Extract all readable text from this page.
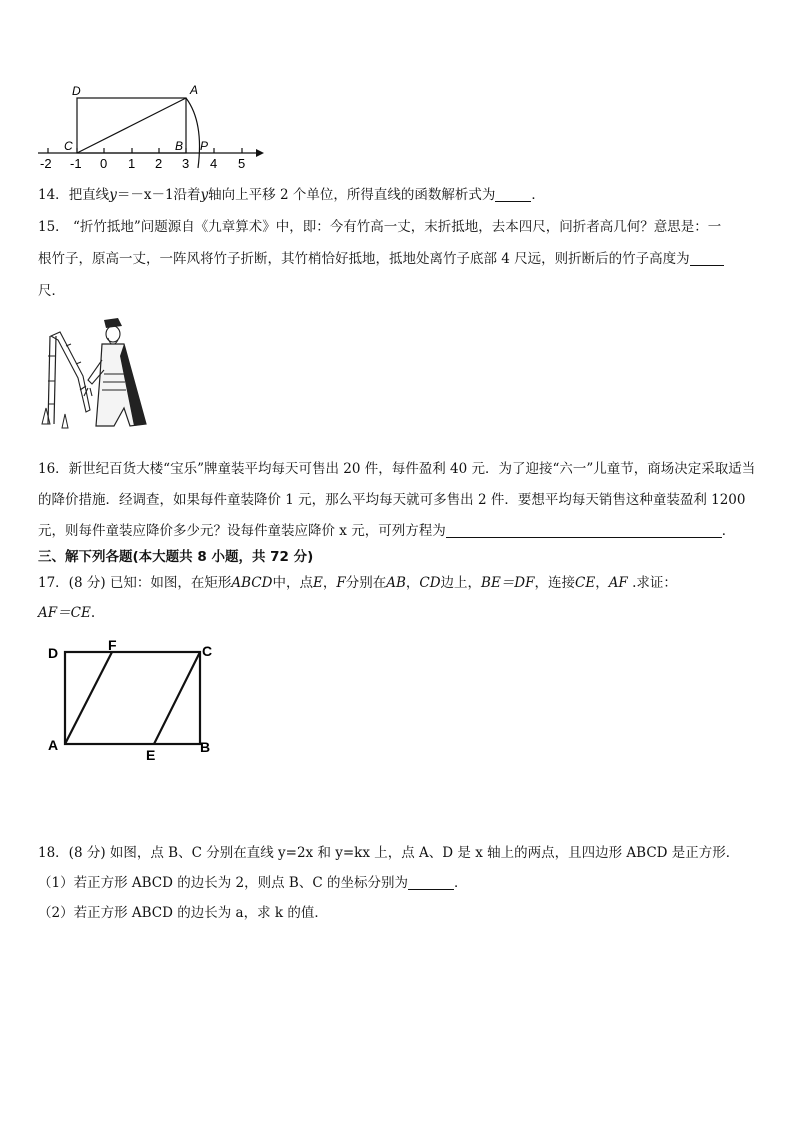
D	A
C	B P
-2 -1 0 1 2 3 4 5
14．把直线y＝－x－1沿着y轴向上平移 2 个单位，所得直线的函数解析式为	．
15． “折竹抵地”问题源自《九章算术》中，即：今有竹高一丈，末折抵地，去本四尺，问折者高几何？意思是：一
根竹子，原高一丈，一阵风将竹子折断，其竹梢恰好抵地，抵地处离竹子底部 4 尺远，则折断后的竹子高度为
尺．
16．新世纪百货大楼“宝乐”牌童装平均每天可售出 20 件，每件盈利 40 元．为了迎接“六一”儿童节，商场决定采取适当
的降价措施．经调查，如果每件童装降价 1 元，那么平均每天就可多售出 2 件．要想平均每天销售这种童装盈利 1200
元，则每件童装应降价多少元？设每件童装应降价 x 元，可列方程为	．
三、解下列各题(本大题共 8 小题，共 72 分)
17．(8 分) 已知：如图，在矩形ABCD中，点E，F分别在AB，CD边上，BE＝DF，连接CE，AF .求证：
AF＝CE.
D	F	C
A
E	B
18．(8 分) 如图，点 B、C 分别在直线 y=2x 和 y=kx 上，点 A、D 是 x 轴上的两点，且四边形 ABCD 是正方形．
（1）若正方形 ABCD 的边长为 2，则点 B、C 的坐标分别为	．
（2）若正方形 ABCD 的边长为 a，求 k 的值．
